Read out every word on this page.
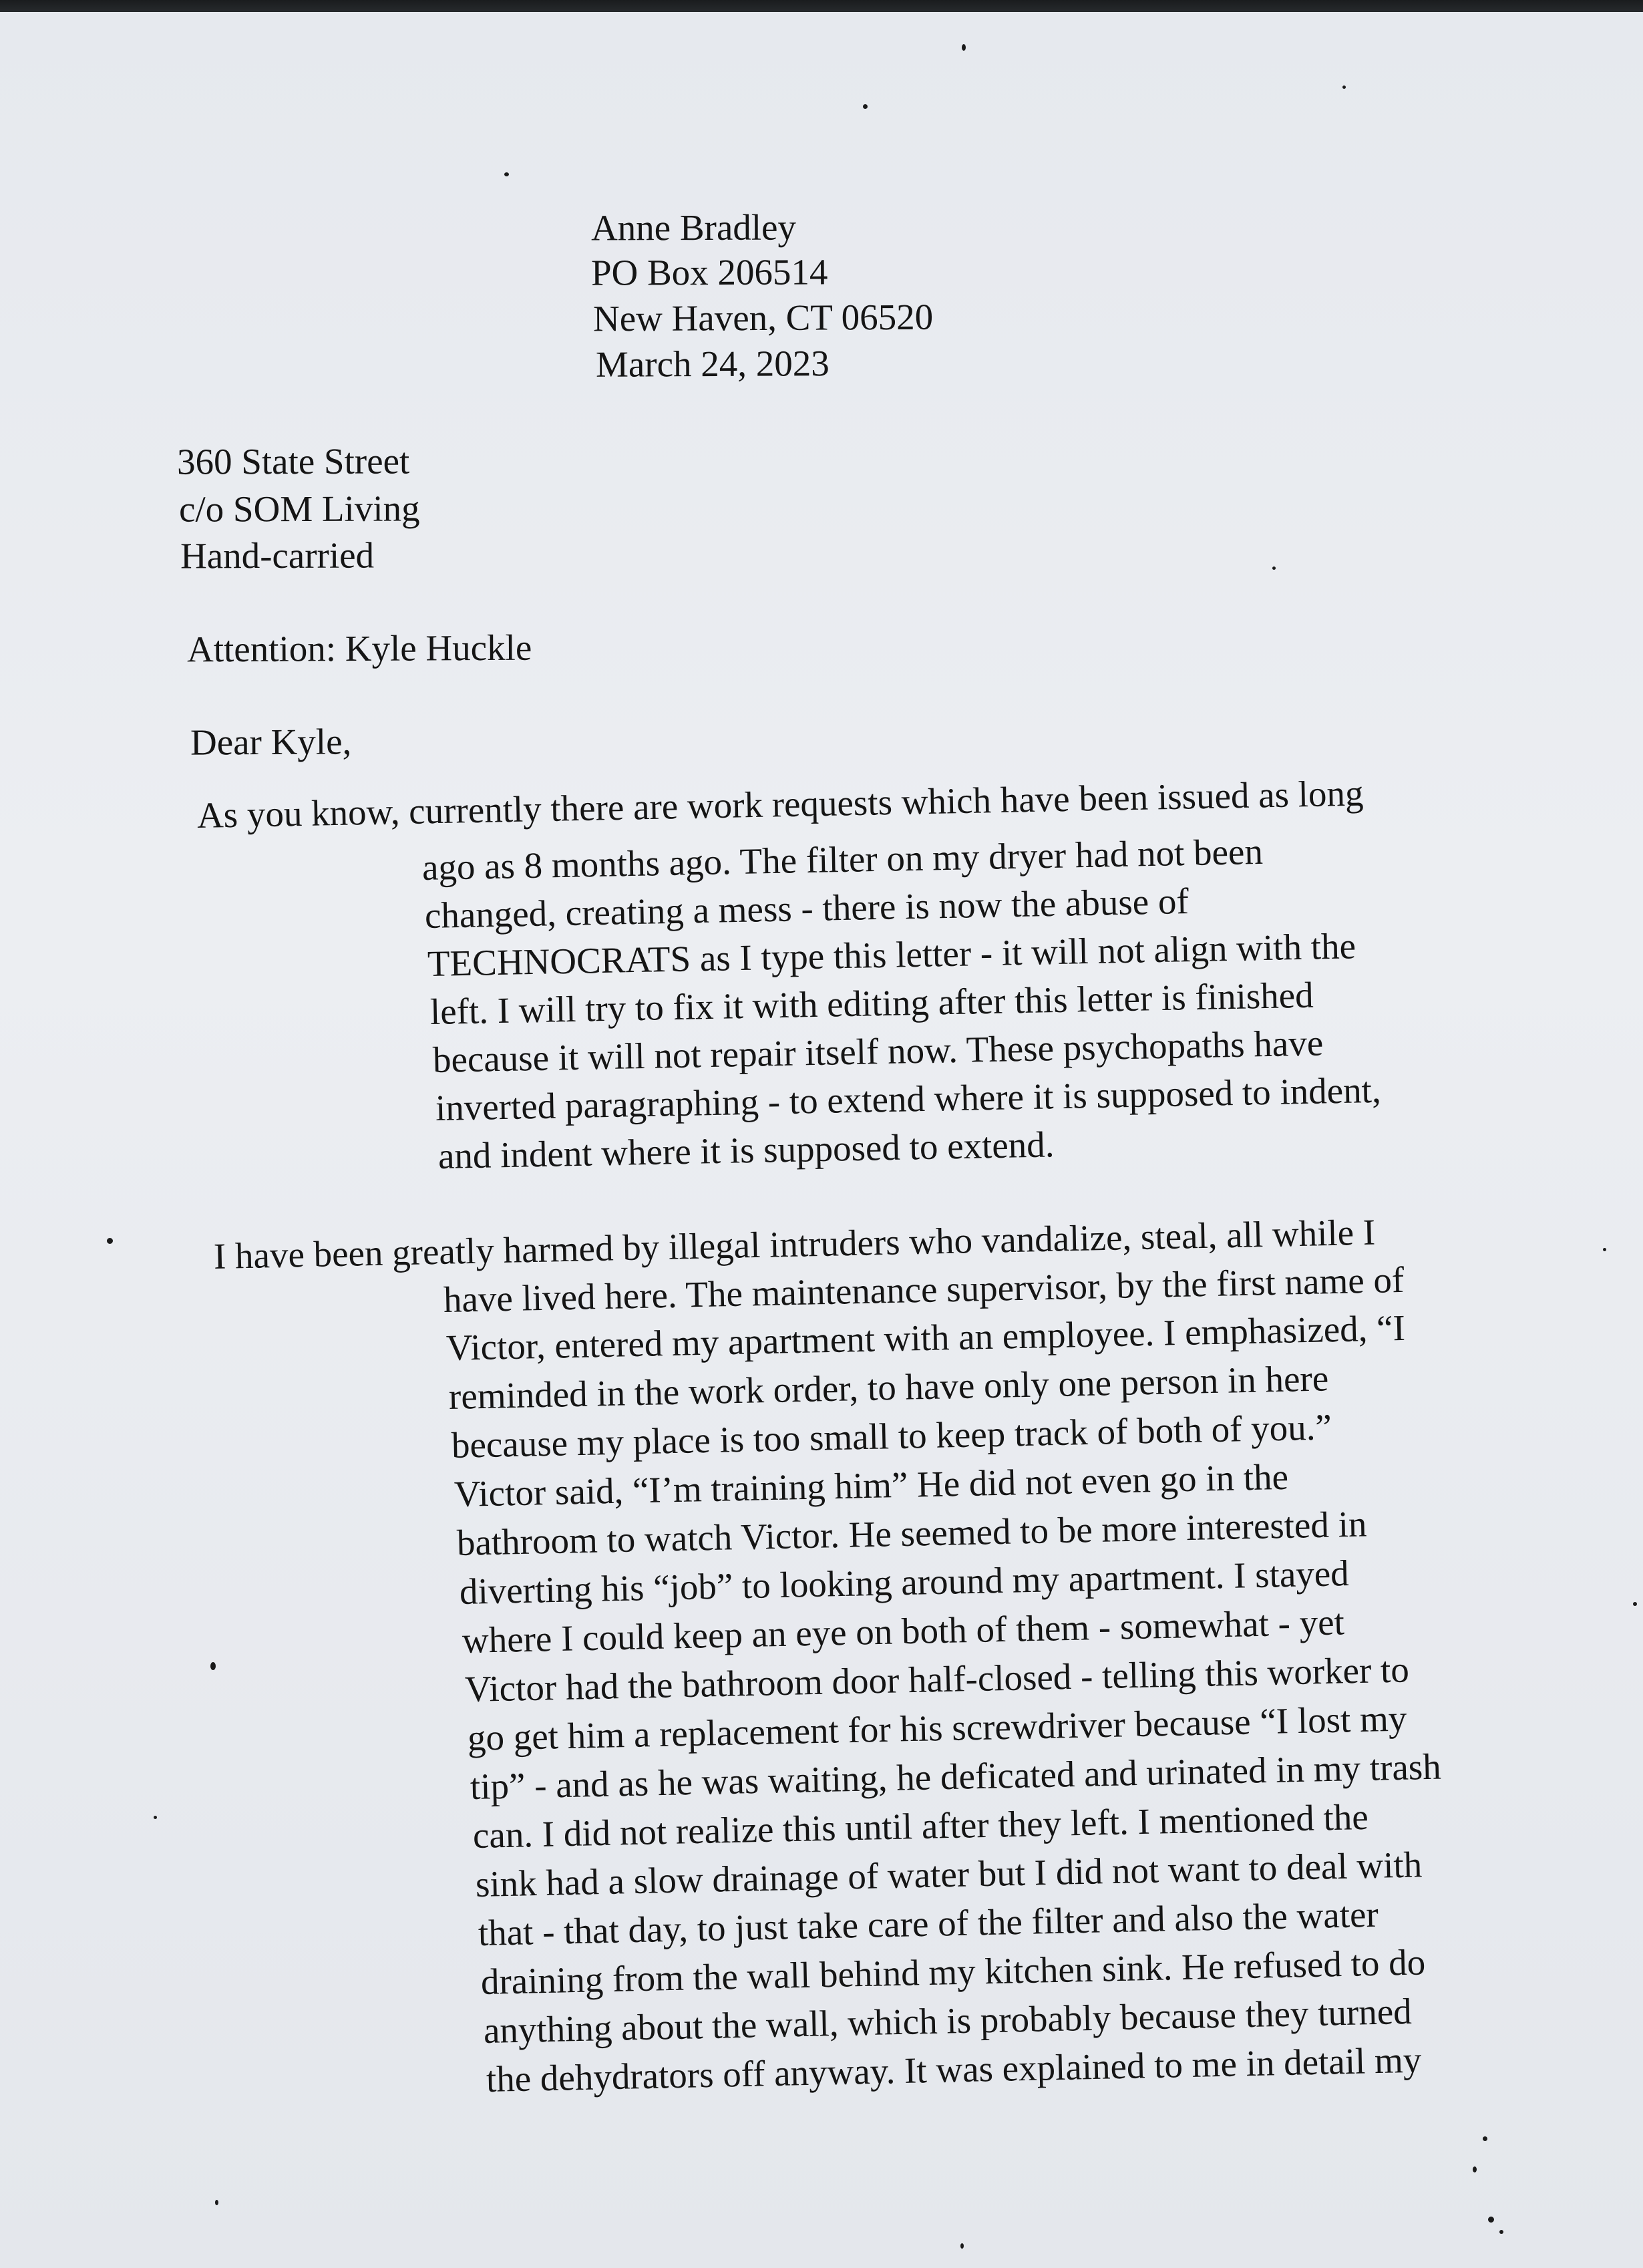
Anne Bradley
PO Box 206514
New Haven, CT 06520
March 24, 2023
360 State Street
c/o SOM Living
Hand-carried
Attention: Kyle Huckle
Dear Kyle,
As you know, currently there are work requests which have been issued as long
ago as 8 months ago. The filter on my dryer had not been
changed, creating a mess - there is now the abuse of
TECHNOCRATS as I type this letter - it will not align with the
left. I will try to fix it with editing after this letter is finished
because it will not repair itself now. These psychopaths have
inverted paragraphing - to extend where it is supposed to indent,
and indent where it is supposed to extend.
I have been greatly harmed by illegal intruders who vandalize, steal, all while I
have lived here. The maintenance supervisor, by the first name of
Victor, entered my apartment with an employee. I emphasized, “I
reminded in the work order, to have only one person in here
because my place is too small to keep track of both of you.”
Victor said, “I’m training him” He did not even go in the
bathroom to watch Victor. He seemed to be more interested in
diverting his “job” to looking around my apartment. I stayed
where I could keep an eye on both of them - somewhat - yet
Victor had the bathroom door half-closed - telling this worker to
go get him a replacement for his screwdriver because “I lost my
tip” - and as he was waiting, he deficated and urinated in my trash
can. I did not realize this until after they left. I mentioned the
sink had a slow drainage of water but I did not want to deal with
that - that day, to just take care of the filter and also the water
draining from the wall behind my kitchen sink. He refused to do
anything about the wall, which is probably because they turned
the dehydrators off anyway. It was explained to me in detail my
